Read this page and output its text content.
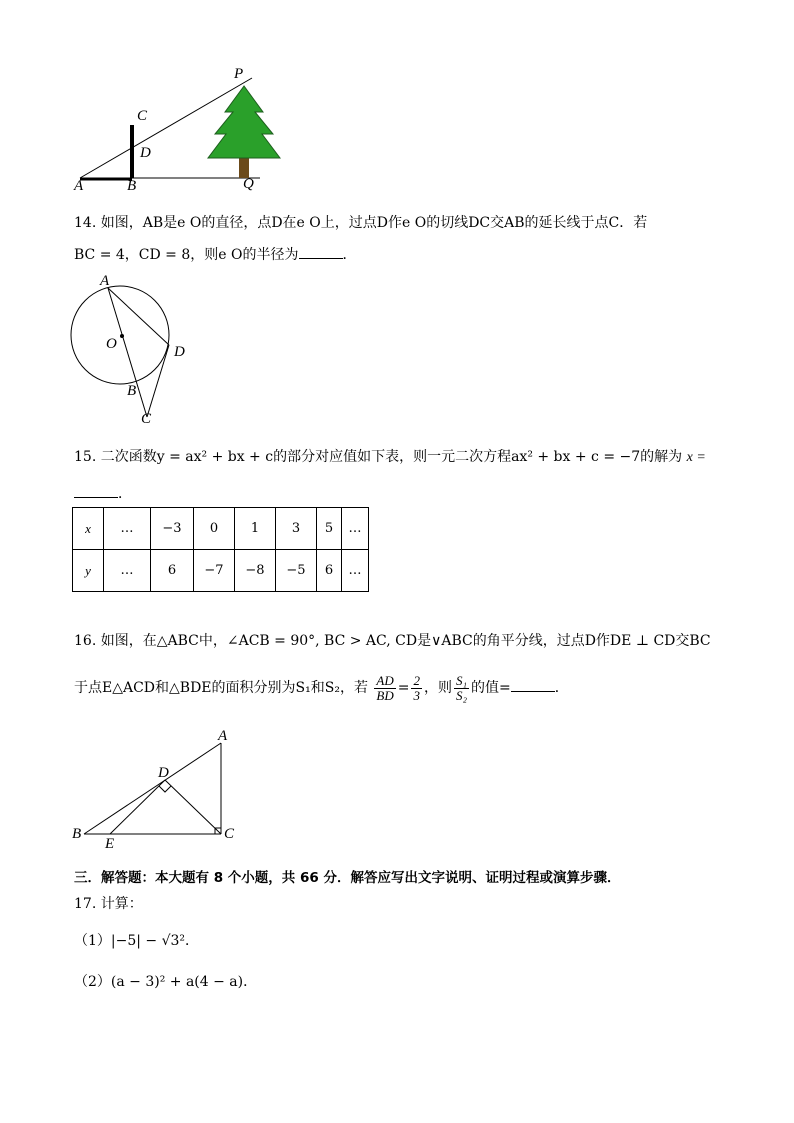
P
C
D
A	B	Q
14. 如图，AB是e O的直径，点D在e O上，过点D作e O的切线DC交AB的延长线于点C．若
BC = 4，CD = 8，则e O的半径为	．
A
O	D
B
C
15. 二次函数y = ax² + bx + c的部分对应值如下表，则一元二次方程ax² + bx + c = −7的解为 x =
．
x	…	−3	0	1	3	5	…
y	…	6	−7	−8	−5	6	…
16. 如图，在△ABC中，∠ACB = 90°, BC > AC, CD是∨ABC的角平分线，过点D作DE ⊥ CD交BC
于点E△ACD和△BDE的面积分别为S₁和S₂，若 $\frac{AD}{BD} = \frac{2}{3}$ ，则 $\frac{\text{S₁}}{\text{S₂}}$ 的值=	．
A
D
B
E
C
三．解答题：本大题有 8 个小题，共 66 分．解答应写出文字说明、证明过程或演算步骤．
17. 计算：
（1）|−5| − √3²．
（2）(a − 3)² + a(4 − a)．
